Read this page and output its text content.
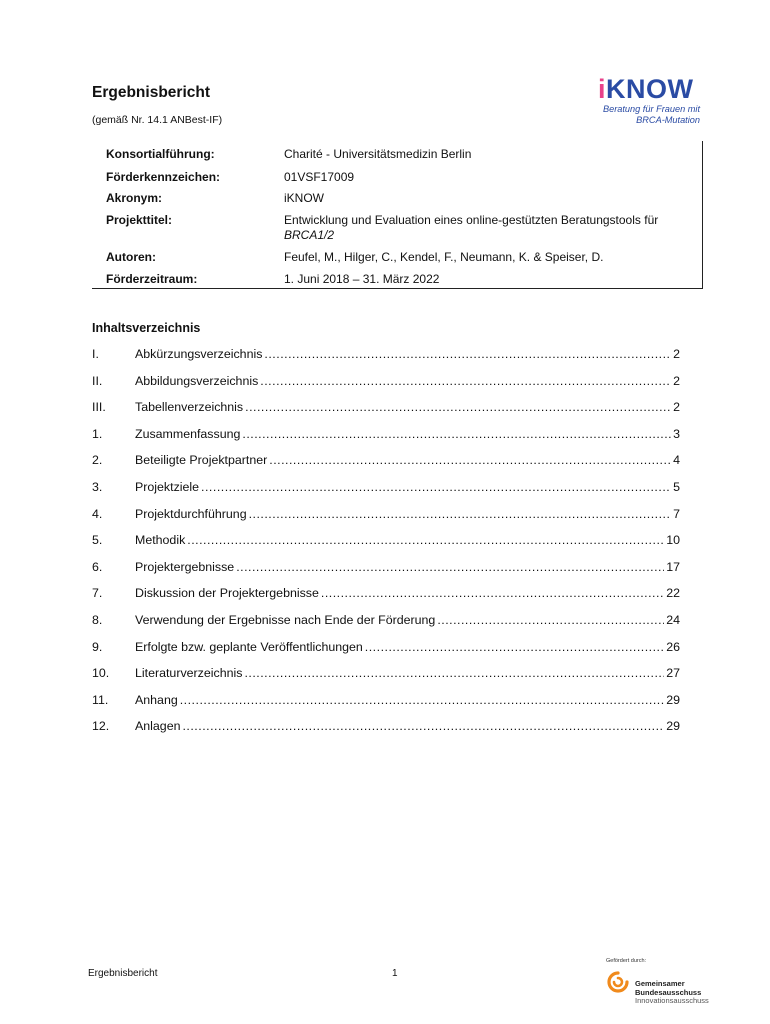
Ergebnisbericht
(gemäß Nr. 14.1 ANBest-IF)
iKNOW
Beratung für Frauen mit
BRCA-Mutation
Konsortialführung:	Charité - Universitätsmedizin Berlin
Förderkennzeichen:	01VSF17009
Akronym:	iKNOW
Projekttitel:	Entwicklung und Evaluation eines online-gestützten Beratungstools für
BRCA1/2
Autoren:	Feufel, M., Hilger, C., Kendel, F., Neumann, K. & Speiser, D.
Förderzeitraum:	1. Juni 2018 – 31. März 2022
Inhaltsverzeichnis
I.	Abkürzungsverzeichnis .....	2
II.	Abbildungsverzeichnis .....	2
III. Tabellenverzeichnis .....	2
1.	Zusammenfassung .....	3
2.	Beteiligte Projektpartner .....	4
3.	Projektziele .....	5
4.	Projektdurchführung .....	7
5.	Methodik .....	10
6.	Projektergebnisse .....	17
7.	Diskussion der Projektergebnisse .....	22
8.	Verwendung der Ergebnisse nach Ende der Förderung .....	24
9.	Erfolgte bzw. geplante Veröffentlichungen .....	26
10. Literaturverzeichnis .....	27
11. Anhang .....	29
12. Anlagen .....	29
Ergebnisbericht	1
Gefördert durch:
Gemeinsamer
Bundesausschuss
Innovationsausschuss
